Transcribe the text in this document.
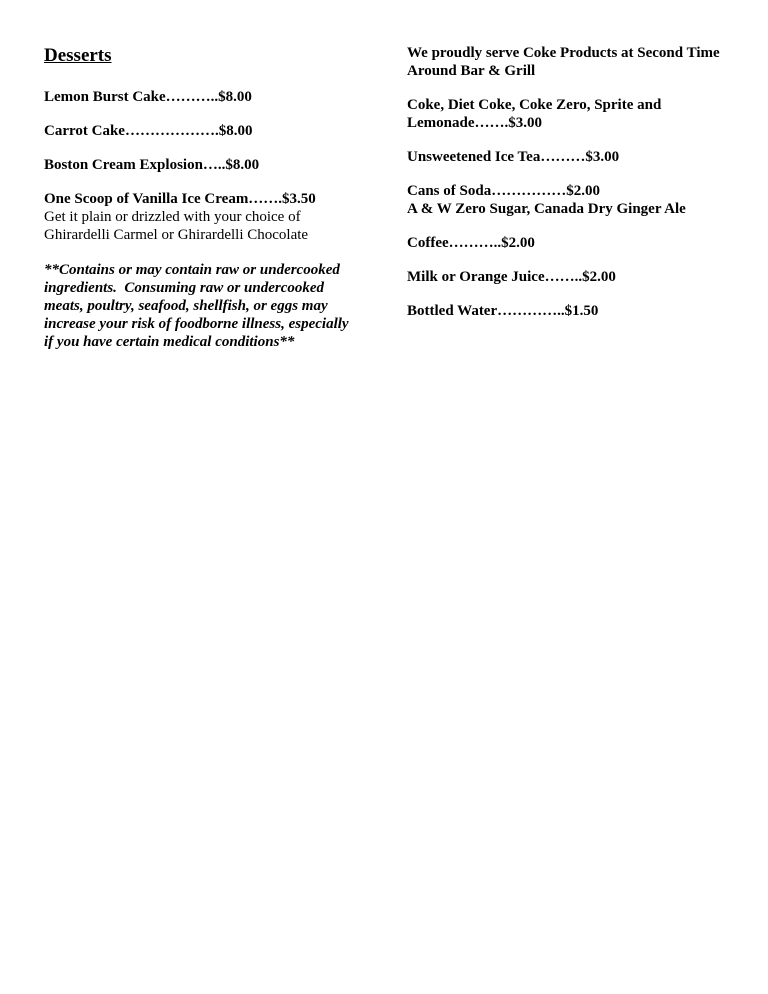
Desserts

Lemon Burst Cake………..$8.00

Carrot Cake……………….$8.00

Boston Cream Explosion…..$8.00

One Scoop of Vanilla Ice Cream…….$3.50

Get it plain or drizzled with your choice of

Ghirardelli Carmel or Ghirardelli Chocolate

**Contains or may contain raw or undercooked

ingredients.  Consuming raw or undercooked

meats, poultry, seafood, shellfish, or eggs may

increase your risk of foodborne illness, especially

if you have certain medical conditions**

We proudly serve Coke Products at Second Time

Around Bar & Grill

Coke, Diet Coke, Coke Zero, Sprite and

Lemonade…….$3.00

Unsweetened Ice Tea………$3.00

Cans of Soda……………$2.00

A & W Zero Sugar, Canada Dry Ginger Ale

Coffee………..$2.00

Milk or Orange Juice……..$2.00

Bottled Water…………..$1.50
